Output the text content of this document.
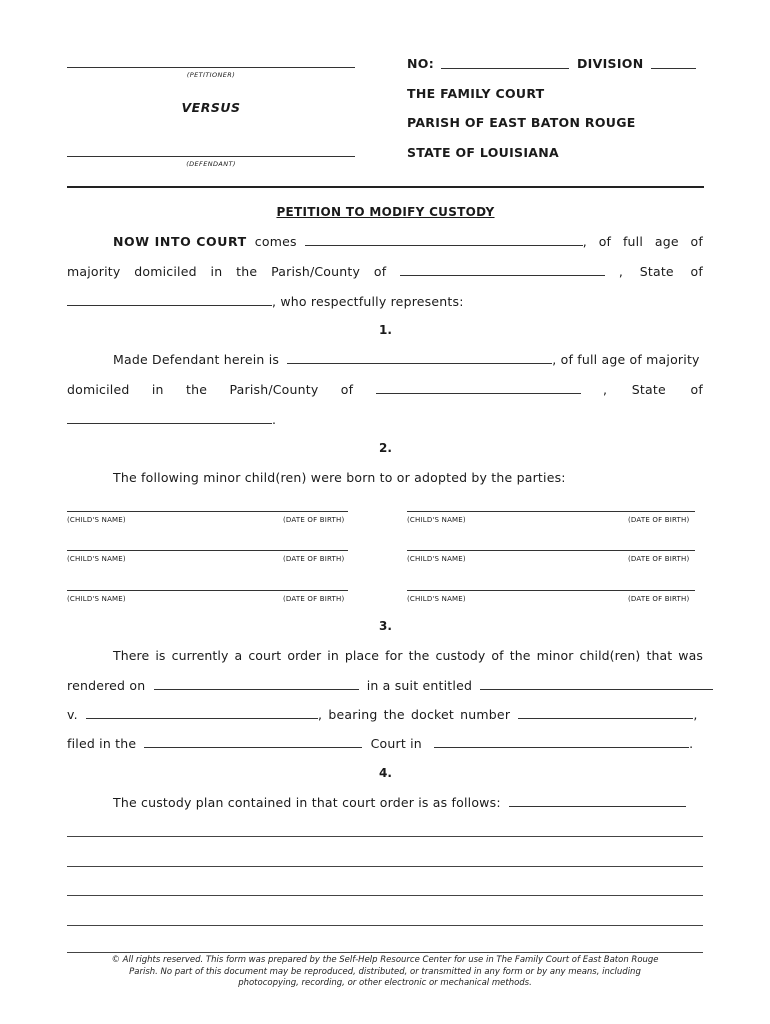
(PETITIONER)
VERSUS
(DEFENDANT)
NO:	DIVISION
THE FAMILY COURT
PARISH OF EAST BATON ROUGE
STATE OF LOUISIANA
PETITION TO MODIFY CUSTODY
NOW INTO COURT comes	, of full age of
majority domiciled in the Parish/County of	, State of
, who respectfully represents:
1.
Made Defendant herein is	, of full age of majority
domiciled in the Parish/County of	, State of
.
2.
The following minor child(ren) were born to or adopted by the parties:
(CHILD'S NAME)	(DATE OF BIRTH)	(CHILD'S NAME)	(DATE OF BIRTH)
(CHILD'S NAME)	(DATE OF BIRTH)	(CHILD'S NAME)	(DATE OF BIRTH)
(CHILD'S NAME)	(DATE OF BIRTH)	(CHILD'S NAME)	(DATE OF BIRTH)
3.
There is currently a court order in place for the custody of the minor child(ren) that was
rendered on	in a suit entitled
v.	, bearing the docket number	,
filed in the	Court in	.
4.
The custody plan contained in that court order is as follows:
© All rights reserved. This form was prepared by the Self-Help Resource Center for use in The Family Court of East Baton Rouge
Parish. No part of this document may be reproduced, distributed, or transmitted in any form or by any means, including
photocopying, recording, or other electronic or mechanical methods.
